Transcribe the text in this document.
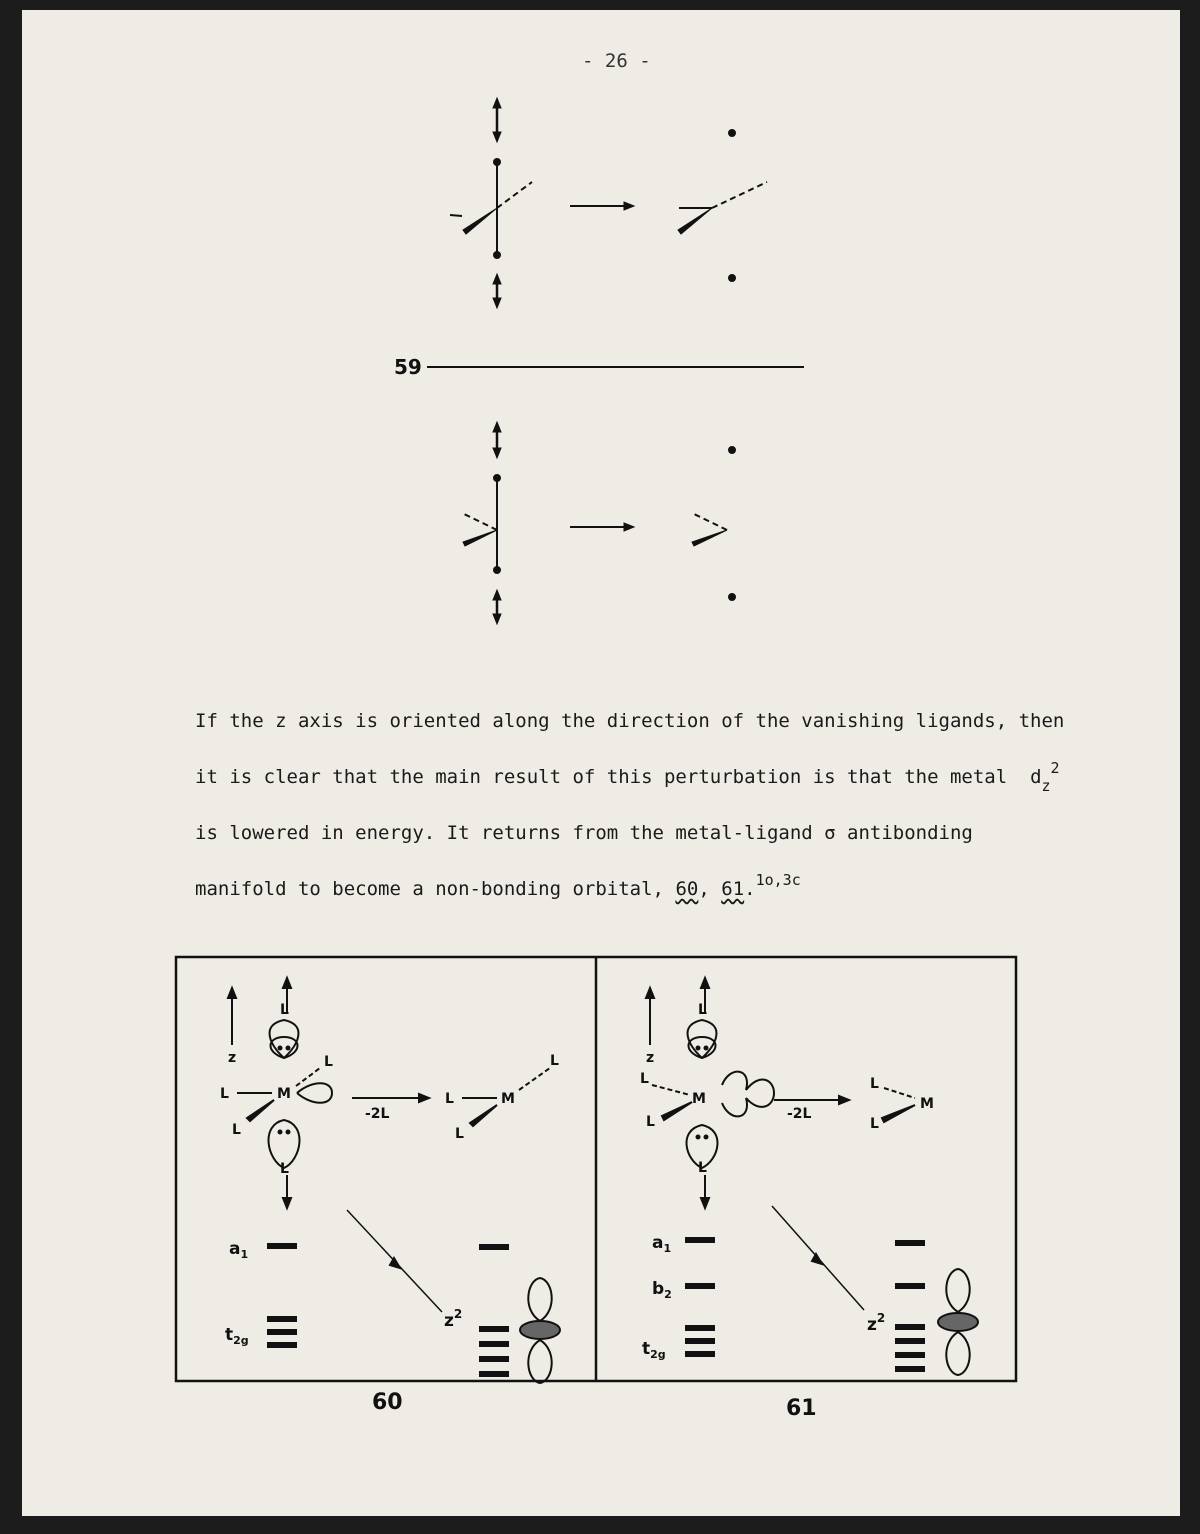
- 26 -
59
If the z axis is oriented along the direction of the vanishing ligands, then
it is clear that the main result of this perturbation is that the metal $d_z^2$
is lowered in energy. It returns from the metal-ligand σ antibonding
manifold to become a non-bonding orbital, 60, 61.$^{1o,3c}$
z
L
L
L	M
L
L
-2L
L	M
L
L
$a_1$
$t_{2g}$
$z^2$
z
L
L
M
L
L
-2L
L
M
L
$a_1$
$b_2$
$t_{2g}$
$z^2$
60	61
